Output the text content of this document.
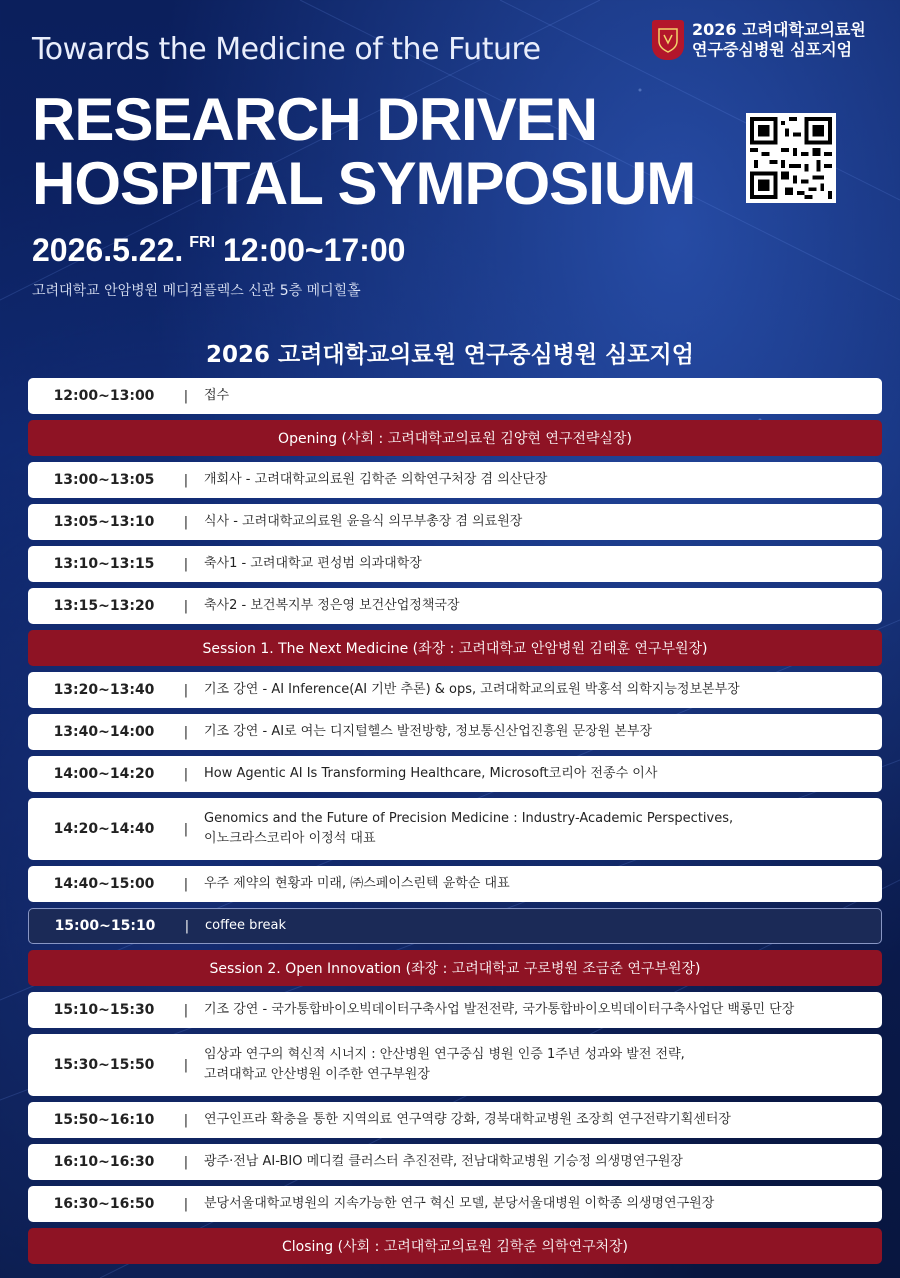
Towards the Medicine of the Future
RESEARCH DRIVEN
HOSPITAL SYMPOSIUM
2026.5.22. $^{FRI}$ 12:00~17:00
고려대학교 안암병원 메디컴플렉스 신관 5층 메디힐홀
2026 고려대학교의료원
연구중심병원 심포지엄
2026 고려대학교의료원 연구중심병원 심포지엄
12:00~13:00	| 접수
Opening (사회 : 고려대학교의료원 김양현 연구전략실장)
13:00~13:05	| 개회사 - 고려대학교의료원 김학준 의학연구처장 겸 의산단장
13:05~13:10	| 식사 - 고려대학교의료원 윤을식 의무부총장 겸 의료원장
13:10~13:15	| 축사1 - 고려대학교 편성범 의과대학장
13:15~13:20	| 축사2 - 보건복지부 정은영 보건산업정책국장
Session 1. The Next Medicine (좌장 : 고려대학교 안암병원 김태훈 연구부원장)
13:20~13:40	| 기조 강연 - AI Inference(AI 기반 추론) & ops, 고려대학교의료원 박홍석 의학지능정보본부장
13:40~14:00	| 기조 강연 - AI로 여는 디지털헬스 발전방향, 정보통신산업진흥원 문장원 본부장
14:00~14:20	| How Agentic AI Is Transforming Healthcare, Microsoft코리아 전종수 이사
14:20~14:40	|
Genomics and the Future of Precision Medicine : Industry-Academic Perspectives,
이노크라스코리아 이정석 대표
14:40~15:00	| 우주 제약의 현황과 미래, ㈜스페이스린텍 윤학순 대표
15:00~15:10	| coffee break
Session 2. Open Innovation (좌장 : 고려대학교 구로병원 조금준 연구부원장)
15:10~15:30	| 기조 강연 - 국가통합바이오빅데이터구축사업 발전전략, 국가통합바이오빅데이터구축사업단 백롱민 단장
15:30~15:50	|
임상과 연구의 혁신적 시너지 : 안산병원 연구중심 병원 인증 1주년 성과와 발전 전략,
고려대학교 안산병원 이주한 연구부원장
15:50~16:10	| 연구인프라 확충을 통한 지역의료 연구역량 강화, 경북대학교병원 조장희 연구전략기획센터장
16:10~16:30	| 광주·전남 AI-BIO 메디컬 클러스터 추진전략, 전남대학교병원 기승정 의생명연구원장
16:30~16:50	| 분당서울대학교병원의 지속가능한 연구 혁신 모델, 분당서울대병원 이학종 의생명연구원장
Closing (사회 : 고려대학교의료원 김학준 의학연구처장)
